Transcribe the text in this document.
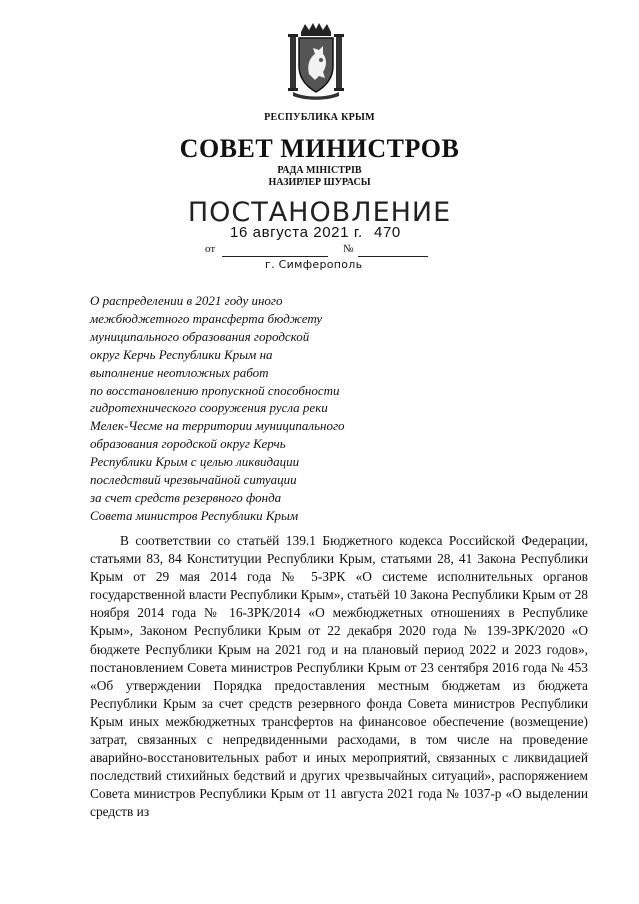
РЕСПУБЛИКА КРЫМ
СОВЕТ МИНИСТРОВ
РАДА МІНІСТРІВ
НАЗИРЛЕР ШУРАСЫ
ПОСТАНОВЛЕНИЕ
16 августа 2021 г. 470
от	№
г. Симферополь
О распределении в 2021 году иного
межбюджетного трансферта бюджету
муниципального образования городской
округ Керчь Республики Крым на
выполнение неотложных работ
по восстановлению пропускной способности
гидротехнического сооружения русла реки
Мелек-Чесме на территории муниципального
образования городской округ Керчь
Республики Крым с целью ликвидации
последствий чрезвычайной ситуации
за счет средств резервного фонда
Совета министров Республики Крым
В соответствии со статьёй 139.1 Бюджетного кодекса Российской Федерации, статьями 83, 84 Конституции Республики Крым, статьями 28, 41 Закона Республики Крым от 29 мая 2014 года № 5-ЗРК «О системе исполнительных органов государственной власти Республики Крым», статьёй 10 Закона Республики Крым от 28 ноября 2014 года № 16-ЗРК/2014 «О межбюджетных отношениях в Республике Крым», Законом Республики Крым от 22 декабря 2020 года № 139-ЗРК/2020 «О бюджете Республики Крым на 2021 год и на плановый период 2022 и 2023 годов», постановлением Совета министров Республики Крым от 23 сентября 2016 года № 453 «Об утверждении Порядка предоставления местным бюджетам из бюджета Республики Крым за счет средств резервного фонда Совета министров Республики Крым иных межбюджетных трансфертов на финансовое обеспечение (возмещение) затрат, связанных с непредвиденными расходами, в том числе на проведение аварийно-восстановительных работ и иных мероприятий, связанных с ликвидацией последствий стихийных бедствий и других чрезвычайных ситуаций», распоряжением Совета министров Республики Крым от 11 августа 2021 года № 1037-р «О выделении средств из
